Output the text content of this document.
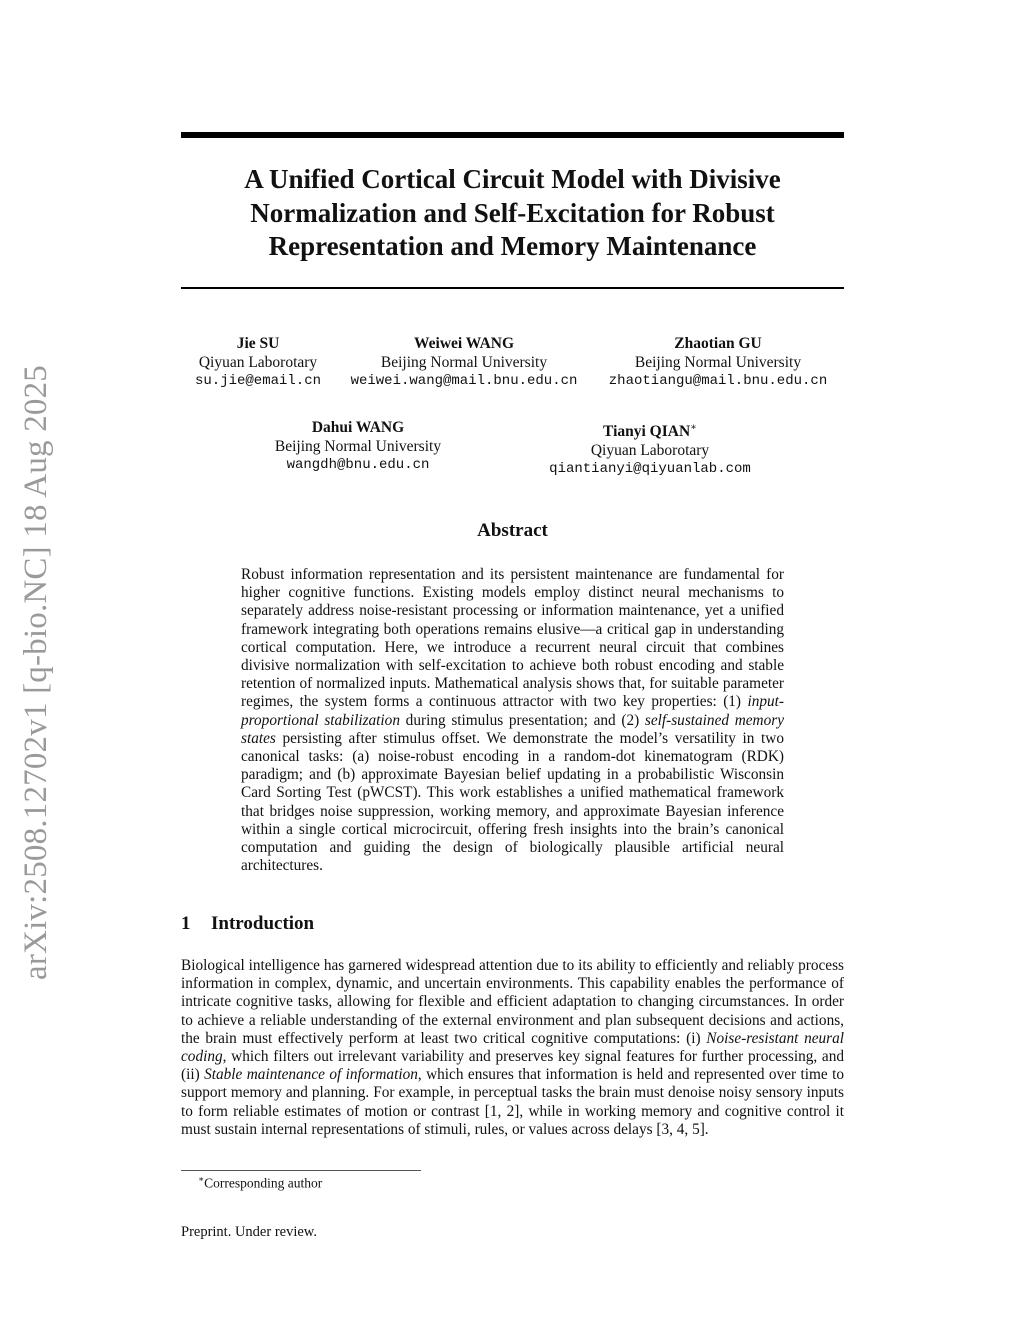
arXiv:2508.12702v1 [q-bio.NC] 18 Aug 2025
A Unified Cortical Circuit Model with Divisive
Normalization and Self-Excitation for Robust
Representation and Memory Maintenance
Jie SU
Qiyuan Laborotary
su.jie@email.cn
Weiwei WANG
Beijing Normal University
weiwei.wang@mail.bnu.edu.cn
Zhaotian GU
Beijing Normal University
zhaotiangu@mail.bnu.edu.cn
Dahui WANG
Beijing Normal University
wangdh@bnu.edu.cn
Tianyi QIAN∗
Qiyuan Laborotary
qiantianyi@qiyuanlab.com
Abstract
Robust information representation and its persistent maintenance are fundamental for higher cognitive functions. Existing models employ distinct neural mechanisms to separately address noise-resistant processing or information maintenance, yet a unified framework integrating both operations remains elusive—a critical gap in understanding cortical computation. Here, we introduce a recurrent neural circuit that combines divisive normalization with self-excitation to achieve both robust encoding and stable retention of normalized inputs. Mathematical analysis shows that, for suitable parameter regimes, the system forms a continuous attractor with two key properties: (1) input-proportional stabilization during stimulus presentation; and (2) self-sustained memory states persisting after stimulus offset. We demonstrate the model’s versatility in two canonical tasks: (a) noise-robust encoding in a random-dot kinematogram (RDK) paradigm; and (b) approximate Bayesian belief updating in a probabilistic Wisconsin Card Sorting Test (pWCST). This work establishes a unified mathematical framework that bridges noise suppression, working memory, and approximate Bayesian inference within a single cortical microcircuit, offering fresh insights into the brain’s canonical computation and guiding the design of biologically plausible artificial neural architectures.
1 Introduction
Biological intelligence has garnered widespread attention due to its ability to efficiently and reliably process information in complex, dynamic, and uncertain environments. This capability enables the performance of intricate cognitive tasks, allowing for flexible and efficient adaptation to changing circumstances. In order to achieve a reliable understanding of the external environment and plan subsequent decisions and actions, the brain must effectively perform at least two critical cognitive computations: (i) Noise-resistant neural coding, which filters out irrelevant variability and preserves key signal features for further processing, and (ii) Stable maintenance of information, which ensures that information is held and represented over time to support memory and planning. For example, in perceptual tasks the brain must denoise noisy sensory inputs to form reliable estimates of motion or contrast [1, 2], while in working memory and cognitive control it must sustain internal representations of stimuli, rules, or values across delays [3, 4, 5].
∗Corresponding author
Preprint. Under review.
